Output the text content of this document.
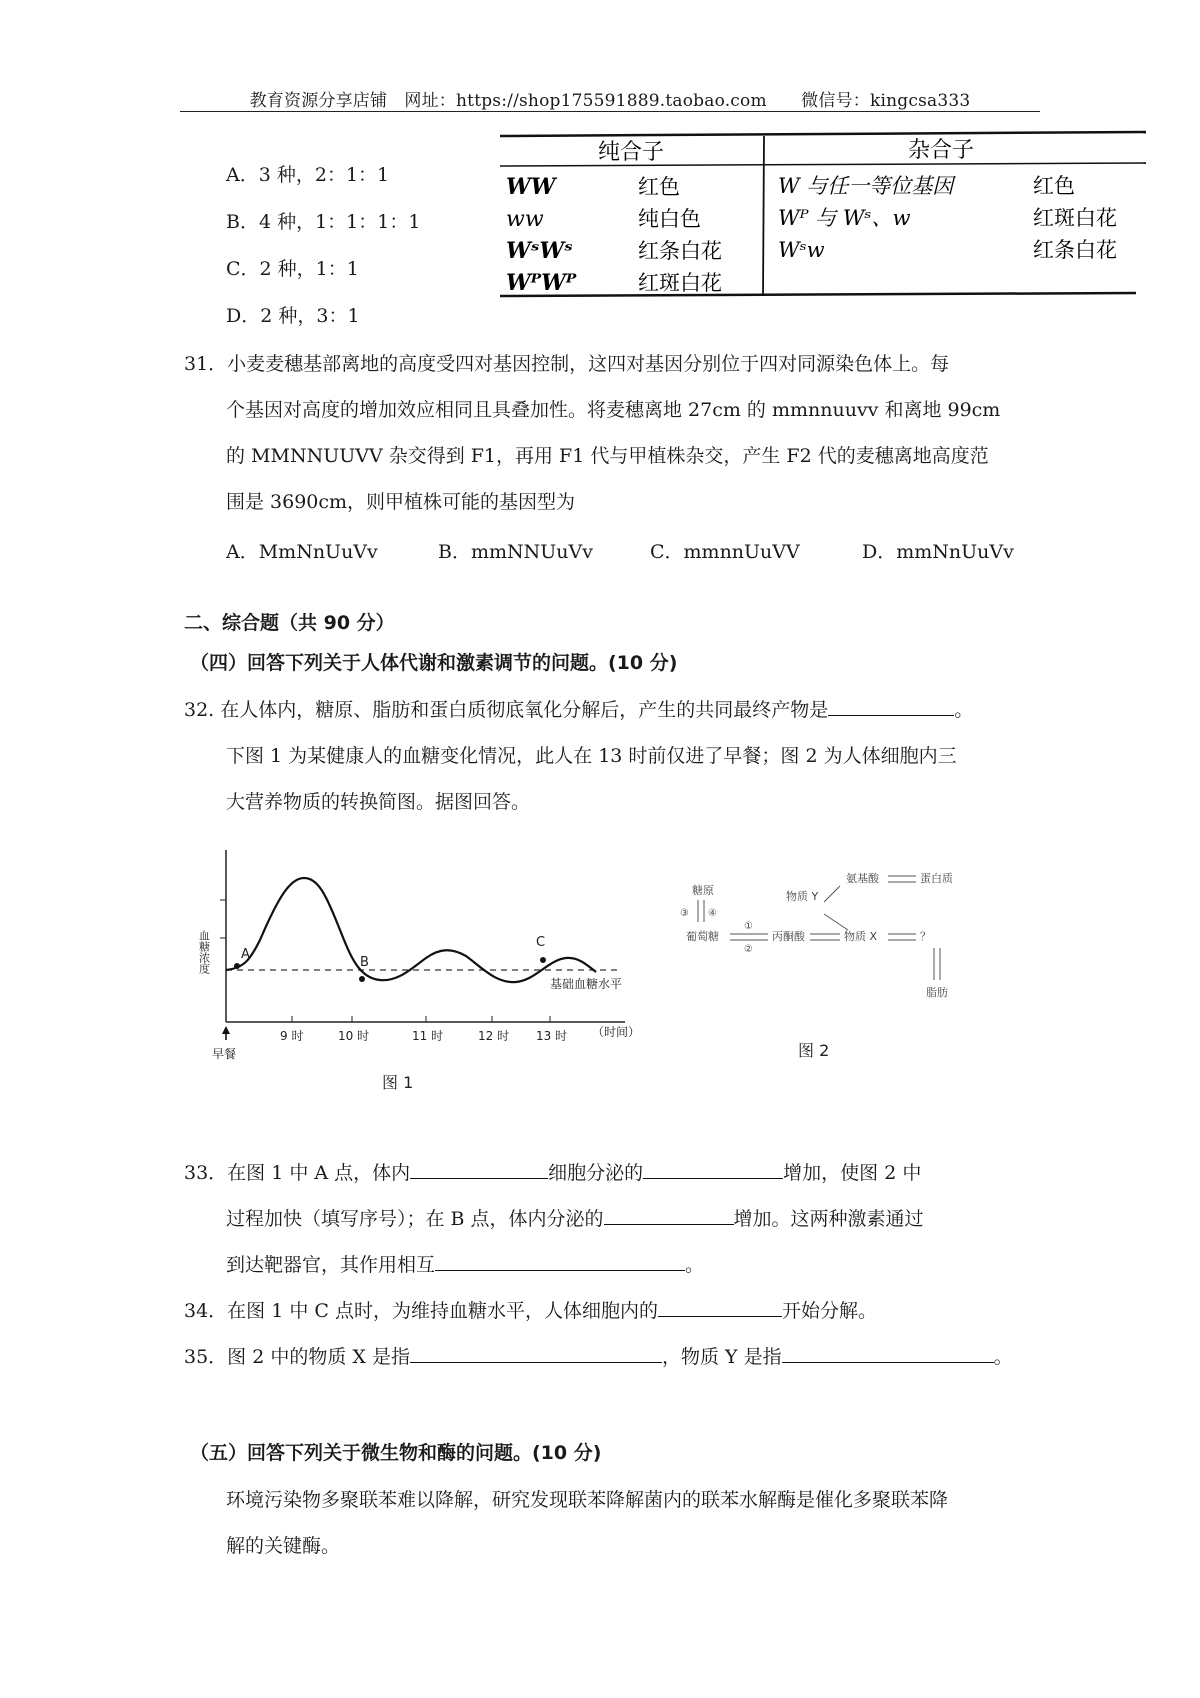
教育资源分享店铺　网址：https://shop175591889.taobao.com　　微信号：kingcsa333
A．3 种，2：1：1
B．4 种，1：1：1：1
C．2 种，1：1
D．2 种，3：1
纯合子	杂合子
WW	红色
ww	纯白色
WˢWˢ	红条白花
WᴾWᴾ	红斑白花
W 与任一等位基因	红色
Wᴾ 与 Wˢ、w	红斑白花
Wˢw	红条白花
31．小麦麦穗基部离地的高度受四对基因控制，这四对基因分别位于四对同源染色体上。每
个基因对高度的增加效应相同且具叠加性。将麦穗离地 27cm 的 mmnnuuvv 和离地 99cm
的 MMNNUUVV 杂交得到 F1，再用 F1 代与甲植株杂交，产生 F2 代的麦穗离地高度范
围是 3690cm，则甲植株可能的基因型为
A．MmNnUuVv	B．mmNNUuVv	C．mmnnUuVV	D．mmNnUuVv
二、综合题（共 90 分）
（四）回答下列关于人体代谢和激素调节的问题。(10 分)
32. 在人体内，糖原、脂肪和蛋白质彻底氧化分解后，产生的共同最终产物是	。
下图 1 为某健康人的血糖变化情况，此人在 13 时前仅进了早餐；图 2 为人体细胞内三
大营养物质的转换简图。据图回答。
血糖浓度
基础血糖水平
A
B
C
9 时	10 时	11 时	12 时 13 时 （时间）
早餐
图 1
糖原
③ ④
葡萄糖
①
②
丙酮酸	物质 X	？
脂肪
物质 Y
氨基酸	蛋白质
图 2
33．在图 1 中 A 点，体内	细胞分泌的	增加，使图 2 中
过程加快（填写序号）；在 B 点，体内分泌的	增加。这两种激素通过
到达靶器官，其作用相互	。
34．在图 1 中 C 点时，为维持血糖水平，人体细胞内的	开始分解。
35．图 2 中的物质 X 是指	，物质 Y 是指	。
（五）回答下列关于微生物和酶的问题。(10 分)
环境污染物多聚联苯难以降解，研究发现联苯降解菌内的联苯水解酶是催化多聚联苯降
解的关键酶。
